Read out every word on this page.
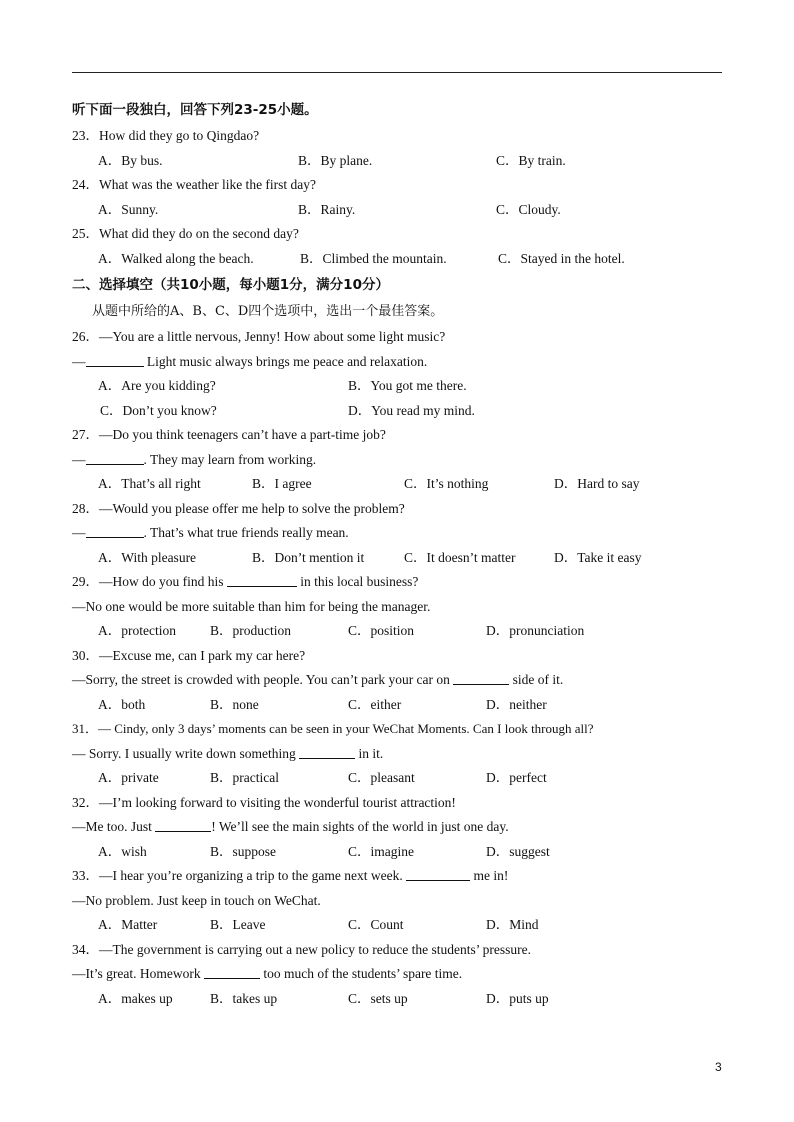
听下面一段独白，回答下列23-25小题。
23．How did they go to Qingdao?
A．By bus.	B．By plane.	C．By train.
24．What was the weather like the first day?
A．Sunny.	B．Rainy.	C．Cloudy.
25．What did they do on the second day?
A．Walked along the beach.	B．Climbed the mountain.	C．Stayed in the hotel.
二、选择填空（共10小题，每小题1分，满分10分）
从题中所给的A、B、C、D四个选项中，选出一个最佳答案。
26．—You are a little nervous, Jenny! How about some light music?
—	Light music always brings me peace and relaxation.
A．Are you kidding?	B．You got me there.
C．Don’t you know?	D．You read my mind.
27．—Do you think teenagers can’t have a part-time job?
—	. They may learn from working.
A．That’s all right	B．I agree	C．It’s nothing	D．Hard to say
28．—Would you please offer me help to solve the problem?
—	. That’s what true friends really mean.
A．With pleasure	B．Don’t mention it	C．It doesn’t matter	D．Take it easy
29．—How do you find his	in this local business?
—No one would be more suitable than him for being the manager.
A．protection	B．production	C．position	D．pronunciation
30．—Excuse me, can I park my car here?
—Sorry, the street is crowded with people. You can’t park your car on	side of it.
A．both	B．none	C．either	D．neither
31．— Cindy, only 3 days’ moments can be seen in your WeChat Moments. Can I look through all?
— Sorry. I usually write down something	in it.
A．private	B．practical	C．pleasant	D．perfect
32．—I’m looking forward to visiting the wonderful tourist attraction!
—Me too. Just	! We’ll see the main sights of the world in just one day.
A．wish	B．suppose	C．imagine	D．suggest
33．—I hear you’re organizing a trip to the game next week.	me in!
—No problem. Just keep in touch on WeChat.
A．Matter	B．Leave	C．Count	D．Mind
34．—The government is carrying out a new policy to reduce the students’ pressure.
—It’s great. Homework	too much of the students’ spare time.
A．makes up	B．takes up	C．sets up	D．puts up
3
